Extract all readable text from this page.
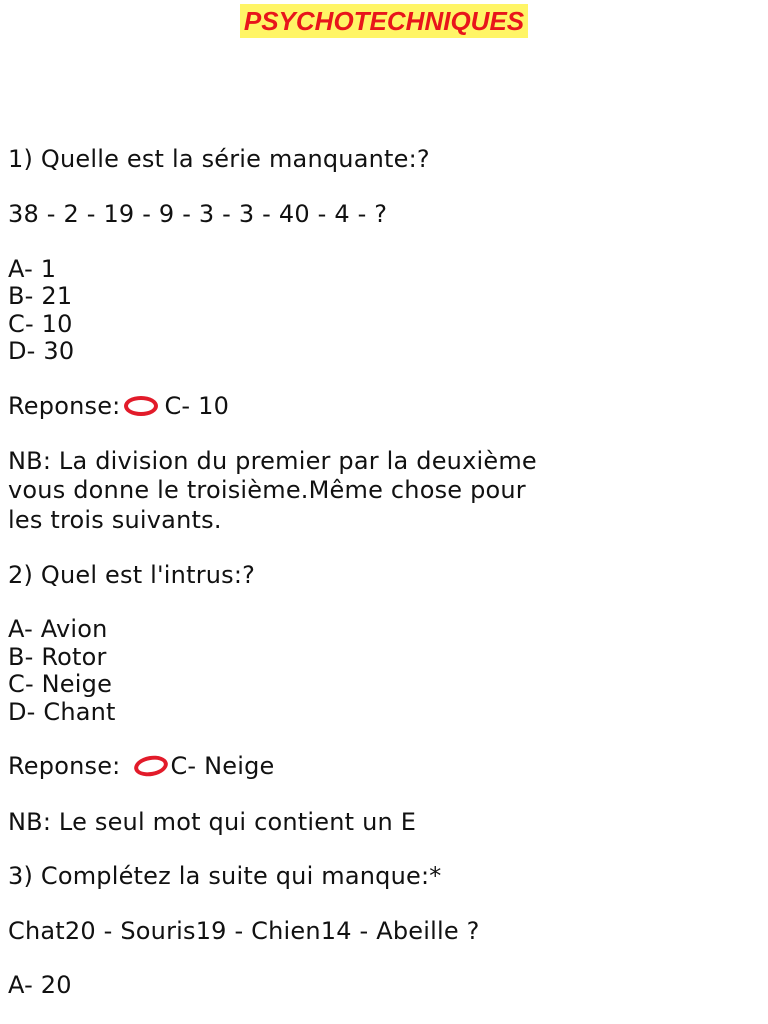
PSYCHOTECHNIQUES
1) Quelle est la série manquante:?
38 - 2 - 19 - 9 - 3 - 3 - 40 - 4 - ?
A- 1
B- 21
C- 10
D- 30
Reponse: C- 10
NB: La division du premier par la deuxième
vous donne le troisième.Même chose pour
les trois suivants.
2) Quel est l'intrus:?
A- Avion
B- Rotor
C- Neige
D- Chant
Reponse: C- Neige
NB: Le seul mot qui contient un E
3) Complétez la suite qui manque:*
Chat20 - Souris19 - Chien14 - Abeille ?
A- 20
